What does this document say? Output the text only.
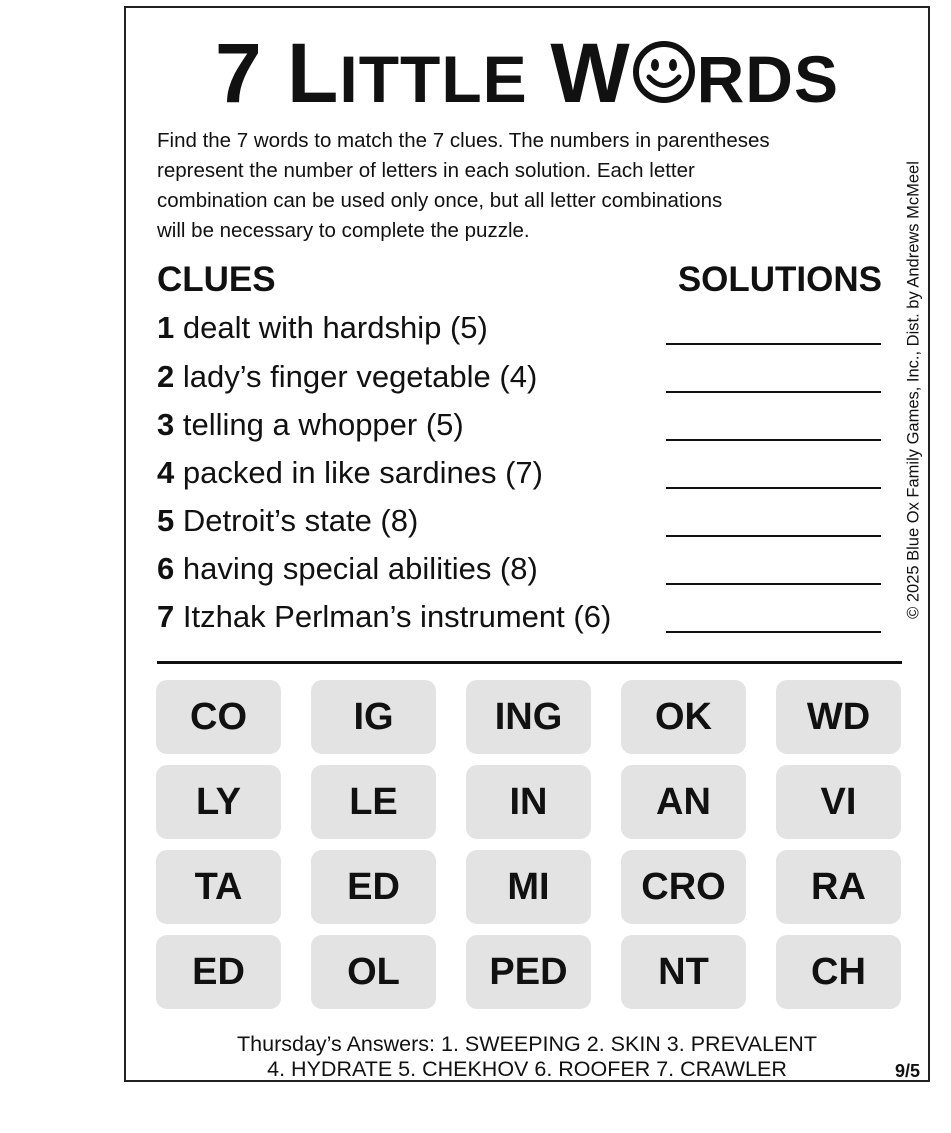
7 LITTLE W RDS
Find the 7 words to match the 7 clues. The numbers in parentheses
represent the number of letters in each solution. Each letter
combination can be used only once, but all letter combinations
will be necessary to complete the puzzle.
CLUES	SOLUTIONS
1 dealt with hardship (5)
2 lady’s finger vegetable (4)
3 telling a whopper (5)
4 packed in like sardines (7)
5 Detroit’s state (8)
6 having special abilities (8)
7 Itzhak Perlman’s instrument (6)
CO	IG	ING	OK	WD
LY	LE	IN	AN	VI
TA	ED	MI	CRO	RA
ED	OL	PED	NT	CH
Thursday’s Answers: 1. SWEEPING 2. SKIN 3. PREVALENT
4. HYDRATE 5. CHEKHOV 6. ROOFER 7. CRAWLER	9/5
© 2025 Blue Ox Family Games, Inc., Dist. by Andrews McMeel
